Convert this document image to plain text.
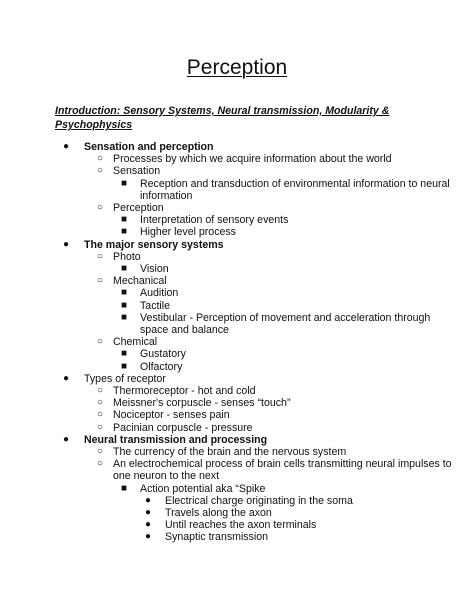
Perception
Introduction: Sensory Systems, Neural transmission, Modularity & Psychophysics
● Sensation and perception
○ Processes by which we acquire information about the world
○ Sensation
■ Reception and transduction of environmental information to neural
information
○ Perception
■ Interpretation of sensory events
■ Higher level process
● The major sensory systems
○ Photo
■ Vision
○ Mechanical
■ Audition
■ Tactile
■ Vestibular - Perception of movement and acceleration through
space and balance
○ Chemical
■ Gustatory
■ Olfactory
● Types of receptor
○ Thermoreceptor - hot and cold
○ Meissner's corpuscle - senses “touch”
○ Nociceptor - senses pain
○ Pacinian corpuscle - pressure
● Neural transmission and processing
○ The currency of the brain and the nervous system
○ An electrochemical process of brain cells transmitting neural impulses to
one neuron to the next
■ Action potential aka “Spike
● Electrical charge originating in the soma
● Travels along the axon
● Until reaches the axon terminals
● Synaptic transmission
